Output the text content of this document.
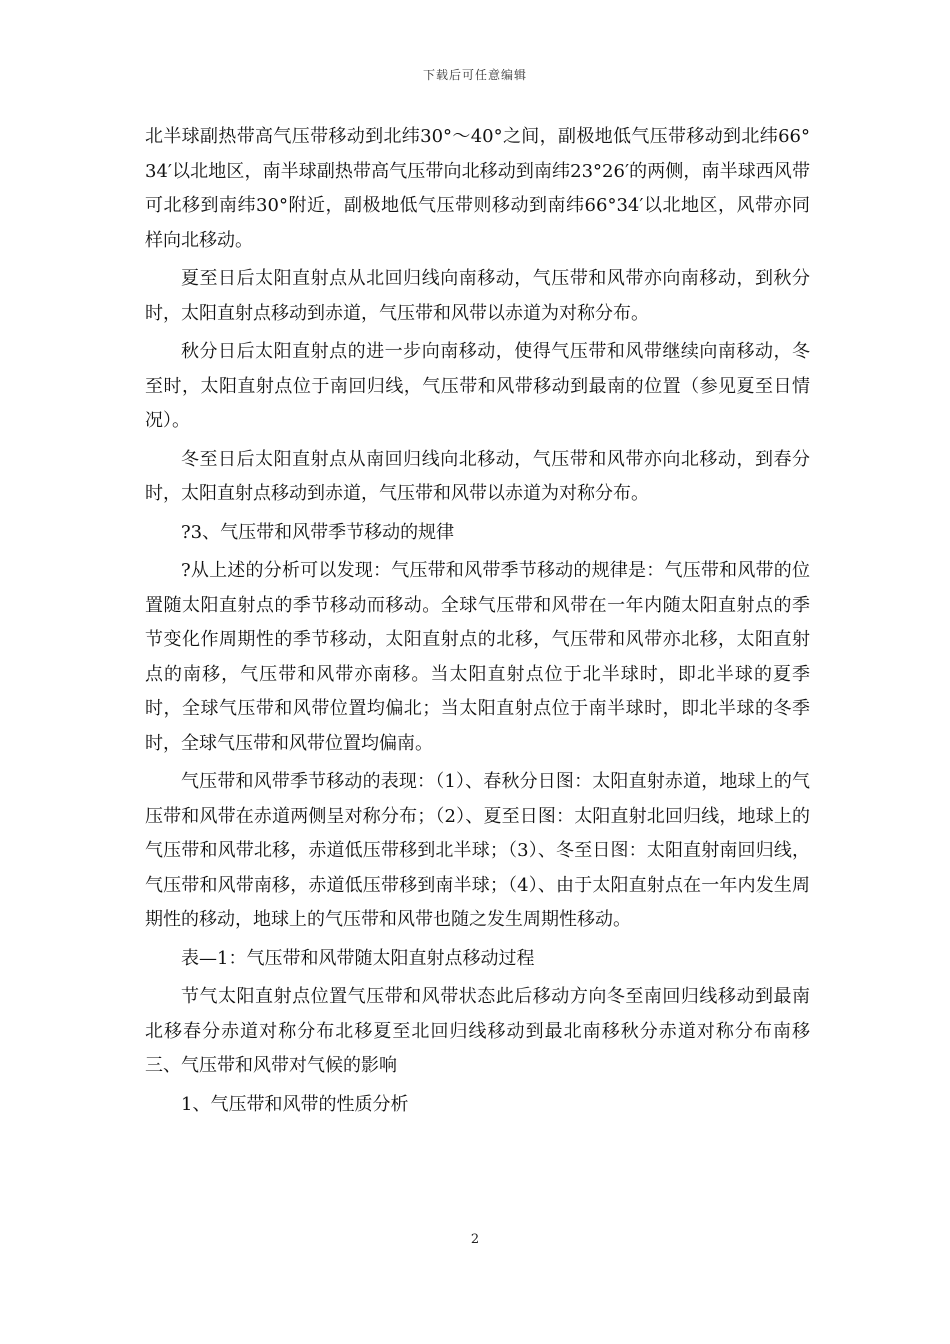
下载后可任意编辑

北半球副热带高气压带移动到北纬30°～40°之间，副极地低气压带移动到北纬66°34′以北地区，南半球副热带高气压带向北移动到南纬23°26′的两侧，南半球西风带可北移到南纬30°附近，副极地低气压带则移动到南纬66°34′以北地区，风带亦同样向北移动。

夏至日后太阳直射点从北回归线向南移动，气压带和风带亦向南移动，到秋分时，太阳直射点移动到赤道，气压带和风带以赤道为对称分布。

秋分日后太阳直射点的进一步向南移动，使得气压带和风带继续向南移动，冬至时，太阳直射点位于南回归线，气压带和风带移动到最南的位置（参见夏至日情况）。

冬至日后太阳直射点从南回归线向北移动，气压带和风带亦向北移动，到春分时，太阳直射点移动到赤道，气压带和风带以赤道为对称分布。

?3、气压带和风带季节移动的规律

?从上述的分析可以发现：气压带和风带季节移动的规律是：气压带和风带的位置随太阳直射点的季节移动而移动。全球气压带和风带在一年内随太阳直射点的季节变化作周期性的季节移动，太阳直射点的北移，气压带和风带亦北移，太阳直射点的南移，气压带和风带亦南移。当太阳直射点位于北半球时，即北半球的夏季时，全球气压带和风带位置均偏北；当太阳直射点位于南半球时，即北半球的冬季时，全球气压带和风带位置均偏南。

气压带和风带季节移动的表现：（1）、春秋分日图：太阳直射赤道，地球上的气压带和风带在赤道两侧呈对称分布；（2）、夏至日图：太阳直射北回归线，地球上的气压带和风带北移，赤道低压带移到北半球；（3）、冬至日图：太阳直射南回归线，气压带和风带南移，赤道低压带移到南半球；（4）、由于太阳直射点在一年内发生周期性的移动，地球上的气压带和风带也随之发生周期性移动。

表—1：气压带和风带随太阳直射点移动过程

节气太阳直射点位置气压带和风带状态此后移动方向冬至南回归线移动到最南北移春分赤道对称分布北移夏至北回归线移动到最北南移秋分赤道对称分布南移三、气压带和风带对气候的影响

1、气压带和风带的性质分析

2
